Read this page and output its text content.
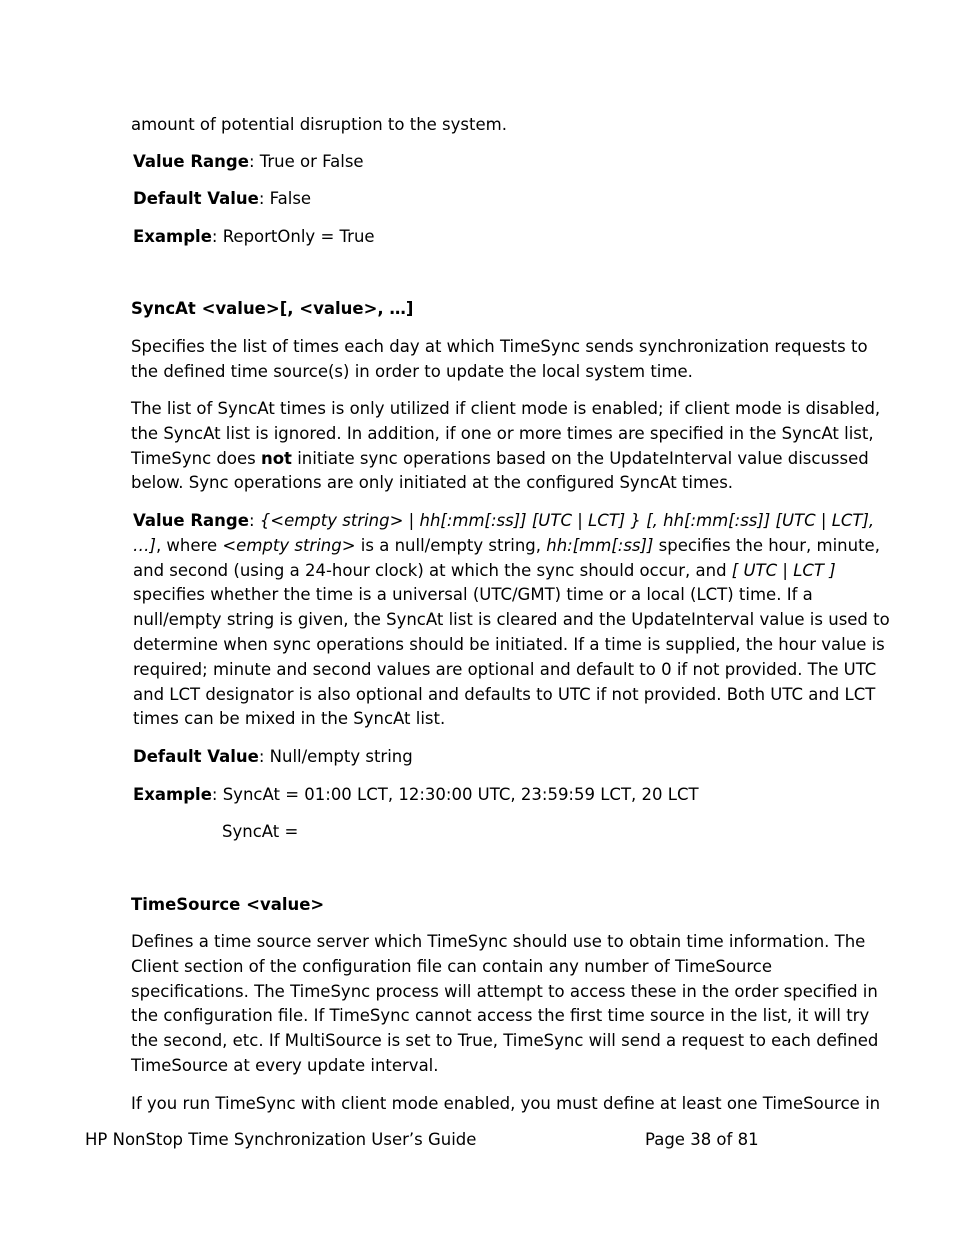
amount of potential disruption to the system.

Value Range: True or False

Default Value: False

Example: ReportOnly = True

SyncAt <value>[, <value>, …]

Specifies the list of times each day at which TimeSync sends synchronization requests to the defined time source(s) in order to update the local system time.

The list of SyncAt times is only utilized if client mode is enabled; if client mode is disabled, the SyncAt list is ignored. In addition, if one or more times are specified in the SyncAt list, TimeSync does not initiate sync operations based on the UpdateInterval value discussed below. Sync operations are only initiated at the configured SyncAt times.

Value Range: {<empty string> | hh[:mm[:ss]] [UTC | LCT] } [, hh[:mm[:ss]] [UTC | LCT], …], where <empty string> is a null/empty string, hh:[mm[:ss]] specifies the hour, minute, and second (using a 24-hour clock) at which the sync should occur, and [ UTC | LCT ] specifies whether the time is a universal (UTC/GMT) time or a local (LCT) time. If a null/empty string is given, the SyncAt list is cleared and the UpdateInterval value is used to determine when sync operations should be initiated. If a time is supplied, the hour value is required; minute and second values are optional and default to 0 if not provided. The UTC and LCT designator is also optional and defaults to UTC if not provided. Both UTC and LCT times can be mixed in the SyncAt list.

Default Value: Null/empty string

Example: SyncAt = 01:00 LCT, 12:30:00 UTC, 23:59:59 LCT, 20 LCT

SyncAt =

TimeSource <value>

Defines a time source server which TimeSync should use to obtain time information. The Client section of the configuration file can contain any number of TimeSource specifications. The TimeSync process will attempt to access these in the order specified in the configuration file. If TimeSync cannot access the first time source in the list, it will try the second, etc. If MultiSource is set to True, TimeSync will send a request to each defined TimeSource at every update interval.

If you run TimeSync with client mode enabled, you must define at least one TimeSource in

HP NonStop Time Synchronization User’s Guide	Page 38 of 81
